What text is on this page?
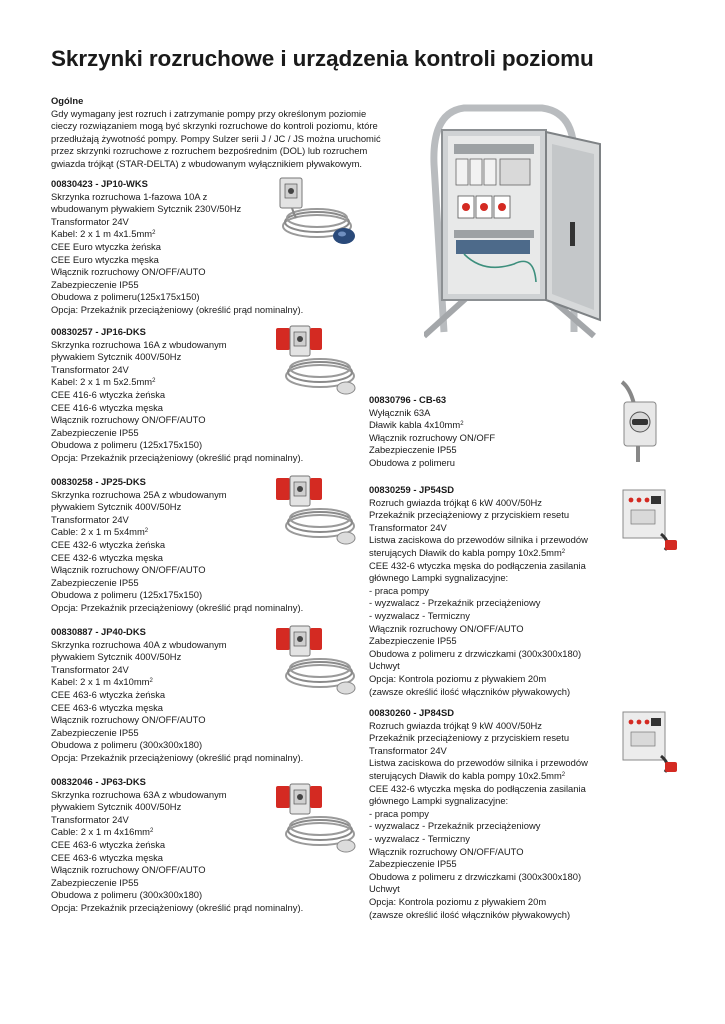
Skrzynki rozruchowe i urządzenia kontroli poziomu
Ogólne
Gdy wymagany jest rozruch i zatrzymanie pompy przy określonym poziomie
cieczy rozwiązaniem mogą być skrzynki rozruchowe do kontroli poziomu, które
przedłużają żywotność pompy. Pompy Sulzer serii J / JC / JS można uruchomić
przez skrzynki rozruchowe z rozruchem bezpośrednim (DOL) lub rozruchem
gwiazda trójkąt (STAR-DELTA) z wbudowanym wyłącznikiem pływakowym.
00830423 - JP10-WKS
Skrzynka rozruchowa 1-fazowa 10A z
wbudowanym pływakiem Sytcznik 230V/50Hz
Transformator 24V
Kabel: 2 x 1 m $4x1.5mm^2$
CEE Euro wtyczka żeńska
CEE Euro wtyczka męska
Włącznik rozruchowy ON/OFF/AUTO
Zabezpieczenie IP55
Obudowa z polimeru(125x175x150)
Opcja: Przekaźnik przeciążeniowy (określić prąd nominalny).
00830257 - JP16-DKS
Skrzynka rozruchowa 16A z wbudowanym
pływakiem Sytcznik 400V/50Hz
Transformator 24V
Kabel: 2 x 1 m $5x2.5mm^2$
CEE 416-6 wtyczka żeńska
CEE 416-6 wtyczka męska
Włącznik rozruchowy ON/OFF/AUTO
Zabezpieczenie IP55
Obudowa z polimeru (125x175x150)
Opcja: Przekaźnik przeciążeniowy (określić prąd nominalny).
00830258 - JP25-DKS
Skrzynka rozruchowa 25A z wbudowanym
pływakiem Sytcznik 400V/50Hz
Transformator 24V
Cable: 2 x 1 m $5x4mm^2$
CEE 432-6 wtyczka żeńska
CEE 432-6 wtyczka męska
Włącznik rozruchowy ON/OFF/AUTO
Zabezpieczenie IP55
Obudowa z polimeru (125x175x150)
Opcja: Przekaźnik przeciążeniowy (określić prąd nominalny).
00830887 - JP40-DKS
Skrzynka rozruchowa 40A z wbudowanym
pływakiem Sytcznik 400V/50Hz
Transformator 24V
Kabel: 2 x 1 m $4x10mm^2$
CEE 463-6 wtyczka żeńska
CEE 463-6 wtyczka męska
Włącznik rozruchowy ON/OFF/AUTO
Zabezpieczenie IP55
Obudowa z polimeru (300x300x180)
Opcja: Przekaźnik przeciążeniowy (określić prąd nominalny).
00832046 - JP63-DKS
Skrzynka rozruchowa 63A z wbudowanym
pływakiem Sytcznik 400V/50Hz
Transformator 24V
Cable: 2 x 1 m $4x16mm^2$
CEE 463-6 wtyczka żeńska
CEE 463-6 wtyczka męska
Włącznik rozruchowy ON/OFF/AUTO
Zabezpieczenie IP55
Obudowa z polimeru (300x300x180)
Opcja: Przekaźnik przeciążeniowy (określić prąd nominalny).
00830796 - CB-63
Wyłącznik 63A
Dławik kabla $4x10mm^2$
Włącznik rozruchowy ON/OFF
Zabezpieczenie IP55
Obudowa z polimeru
00830259 - JP54SD
Rozruch gwiazda trójkąt 6 kW 400V/50Hz
Przekaźnik przeciążeniowy z przyciskiem resetu
Transformator 24V
Listwa zaciskowa do przewodów silnika i przewodów
sterujących Dławik do kabla pompy $10x2.5mm^2$
CEE 432-6 wtyczka męska do podłączenia zasilania
głównego Lampki sygnalizacyjne:
- praca pompy
- wyzwalacz - Przekaźnik przeciążeniowy
- wyzwalacz - Termiczny
Włącznik rozruchowy ON/OFF/AUTO
Zabezpieczenie IP55
Obudowa z polimeru z drzwiczkami (300x300x180)
Uchwyt
Opcja: Kontrola poziomu z pływakiem 20m
(zawsze określić ilość włączników pływakowych)
00830260 - JP84SD
Rozruch gwiazda trójkąt 9 kW 400V/50Hz
Przekaźnik przeciążeniowy z przyciskiem resetu
Transformator 24V
Listwa zaciskowa do przewodów silnika i przewodów
sterujących Dławik do kabla pompy $10x2.5mm^2$
CEE 432-6 wtyczka męska do podłączenia zasilania
głównego Lampki sygnalizacyjne:
- praca pompy
- wyzwalacz - Przekaźnik przeciążeniowy
- wyzwalacz - Termiczny
Włącznik rozruchowy ON/OFF/AUTO
Zabezpieczenie IP55
Obudowa z polimeru z drzwiczkami (300x300x180)
Uchwyt
Opcja: Kontrola poziomu z pływakiem 20m
(zawsze określić ilość włączników pływakowych)
